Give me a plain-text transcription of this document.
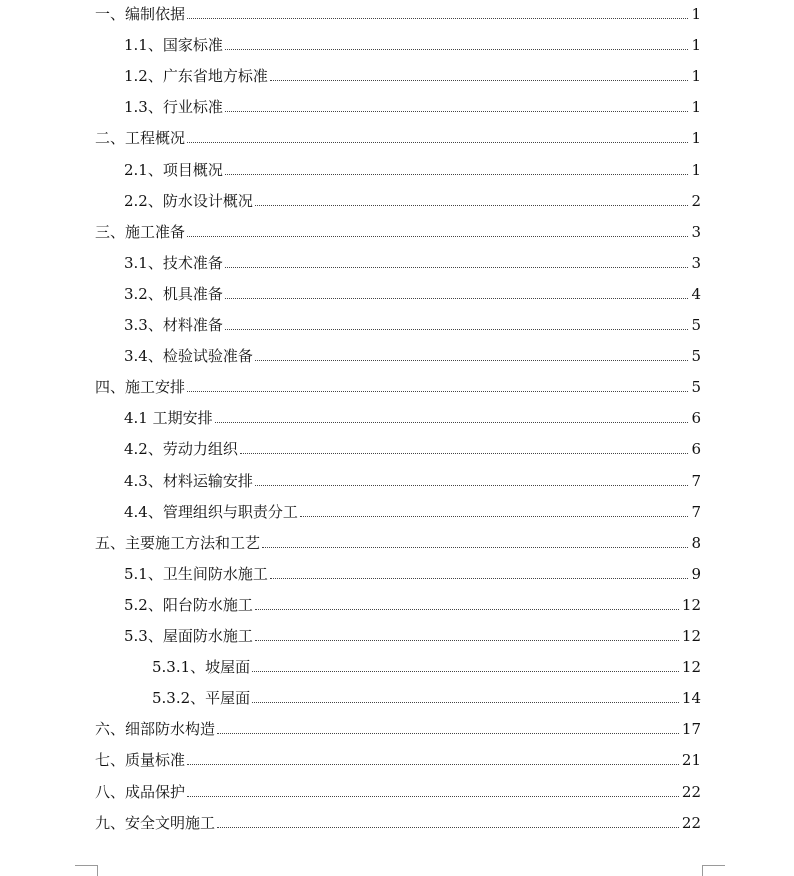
一、编制依据	1
1.1、国家标准	1
1.2、广东省地方标准	1
1.3、行业标准	1
二、工程概况	1
2.1、项目概况	1
2.2、防水设计概况	2
三、施工准备	3
3.1、技术准备	3
3.2、机具准备	4
3.3、材料准备	5
3.4、检验试验准备	5
四、施工安排	5
4.1 工期安排	6
4.2、劳动力组织	6
4.3、材料运输安排	7
4.4、管理组织与职责分工	7
五、主要施工方法和工艺	8
5.1、卫生间防水施工	9
5.2、阳台防水施工	12
5.3、屋面防水施工	12
5.3.1、坡屋面	12
5.3.2、平屋面	14
六、细部防水构造	17
七、质量标准	21
八、成品保护	22
九、安全文明施工	22
